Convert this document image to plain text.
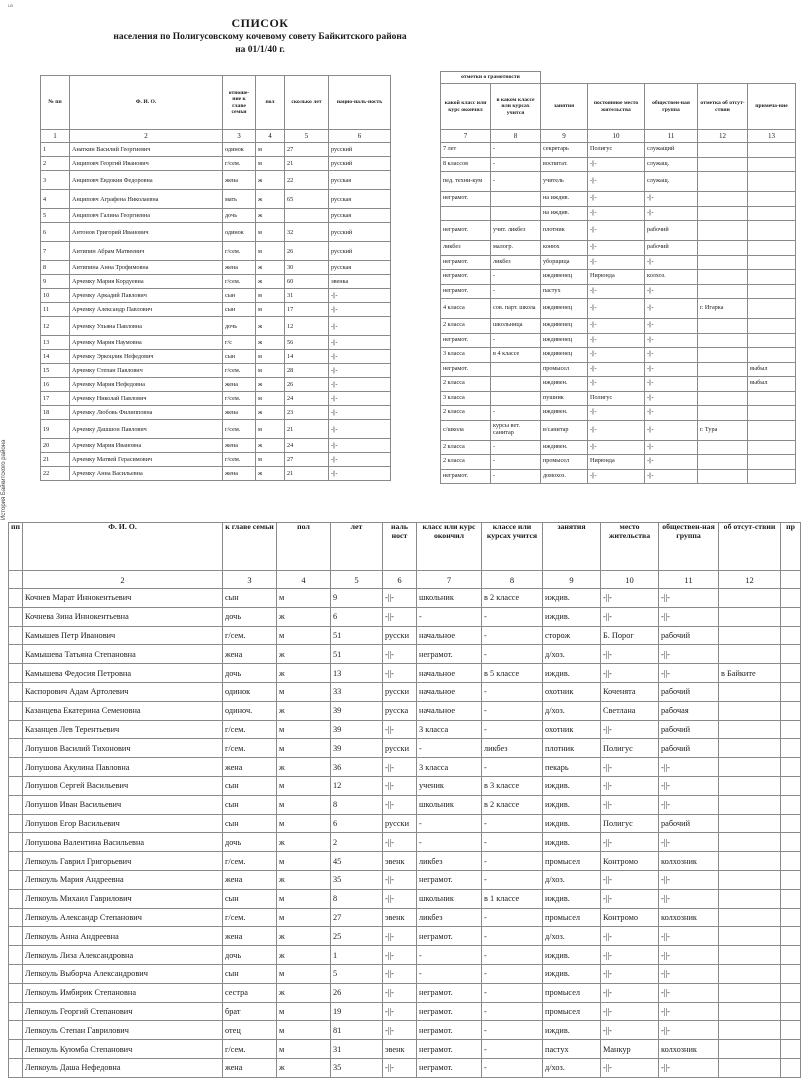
LB
СПИСОК
населения по Полигусовскому кочевому совету Байкитского района
на 01/1/40 г.
История Байкитского района
№ пп	Ф. И. О.	отноше-ние к главе семьи	пол	сколько лет	нацио-наль-ность
1	2	3	4	5	6
1	Анаткин Василий Георгиевич	одинок	м	27	русский
2	Анциповч Георгий Иванович	г/сем.	м	21	русский
3	Анциповч Евдокия Федоровна	жена	ж	22	русская
4	Анциповч Аграфена Николаевна	мать	ж	65	русская
5	Анциповч Галина Георгиевна	дочь	ж		русская
6	Антонов Григорий Иванович	одинок	м	32	русский
7	Антипин Абрам Матвеевич	г/сем.	м	26	русский
8	Антипина Анна Трофимовна	жена	ж	30	русская
9	Арчемку Мария Кордуевна	г/сем.	ж	60	эвенка
10	Арчемку Аркадий Павлович	сын	м	31	-||-
11	Арчемку Александр Павлович	сын	м	17	-||-
12	Арчемку Ульяна Павловна	дочь	ж	12	-||-
13	Арчемку Мария Наумовна	г/с	ж	56	-||-
14	Арчемку Эркоцлик Нефедович	сын	м	14	-||-
15	Арчемку Степан Павлович	г/сем.	м	28	-||-
16	Арчемку Мария Нефедовна	жена	ж	26	-||-
17	Арчемку Николай Павлович	г/сем.	м	24	-||-
18	Арчемку Любовь Филипповна	жена	ж	23	-||-
19	Арчемку Дашшон Павлович	г/сем.	м	21	-||-
20	Арчемку Мария Ивановна	жена	ж	24	-||-
21	Арчемку Матвей Герасимович	г/сем.	м	27	-||-
22	Арчемку Анна Васильевна	жена	ж	21	-||-
отметки о грамотности						
какой класс или курс окончил	в каком классе или курсах учится	занятия	постоянное место жительства	обществен-ная группа	отметка об отсут-ствии	примеча-ние
7	8	9	10	11	12	13
7 лет	-	секретарь	Полигус	служащий		
8 классов	-	воспитат.	-||-	служащ.		
пед. техни-кум	-	учитель	-||-	служащ.		
неграмот.		на иждив.	-||-	-||-		
		на иждив.	-||-	-||-		
неграмот.	учит. ликбез	плотник	-||-	рабочий		
ликбез	малогр.	конюх	-||-	рабочий		
неграмот.	ликбез	уборщица	-||-	-||-		
неграмот.	-	иждивенец	Нирюнда	колхоз.		
неграмот.	-	пастух	-||-	-||-		
4 класса	сов. парт. школа	иждивенец	-||-	-||-	г. Игарка	
2 класса	шкoльница	иждивенец	-||-	-||-		
неграмот.	-	иждивенец	-||-	-||-		
3 класса	в 4 классе	иждивенец	-||-	-||-		
неграмот.		промысел	-||-	-||-		выбыл
2 класса		иждивен.	-||-	-||-		выбыл
3 класса		пушник	Полигус	-||-		
2 класса	-	иждивен.	-||-	-||-		
с/школа	курсы вет. санитар	в/санитар	-||-	-||-	г. Тура	
2 класса	-	иждивен.	-||-	-||-		
2 класса	-	промысел	Нирюнда	-||-		
неграмот.	-	домохоз.	-||-	-||-		
пп	Ф. И. О.	к главе семьи	пол	лет	наль ност	класс или курс окончил	классе или курсах учится	занятия	место жительства	обществен-ная группа	об отсут-ствии	пр
	2	3	4	5	6	7	8	9	10	11	12	
	Кочнев Марат Иннокентьевич	сын	м	9	-||-	школьник	в 2 классе	иждив.	-||-	-||-		
	Кочнева Зина Иннокентьевна	дочь	ж	6	-||-	-	-	иждив.	-||-	-||-		
	Камышев Петр Иванович	г/сем.	м	51	русски	начальное	-	сторож	Б. Порог	рабочий		
	Камышева Татьяна Степановна	жена	ж	51	-||-	неграмот.	-	д/хоз.	-||-	-||-		
	Камышева Федосия Петровна	дочь	ж	13	-||-	начальное	в 5 классе	иждив.	-||-	-||-	в Байките	
	Каспорович Адам Артолевич	одинок	м	33	русски	начальное	-	охотник	Коченята	рабочий		
	Казанцева Екатерина Семеновна	одиноч.	ж	39	русска	начальное	-	д/хоз.	Светлана	рабочая		
	Казанцев Лев Терентьевич	г/сем.	м	39	-||-	3 класса	-	охотник	-||-	рабочий		
	Лопушов Василий Тихонович	г/сем.	м	39	русски	-	ликбез	плотник	Полигус	рабочий		
	Лопушова Акулина Павловна	жена	ж	36	-||-	3 класса	-	пекарь	-||-	-||-		
	Лопушов Сергей Васильевич	сын	м	12	-||-	ученик	в 3 классе	иждив.	-||-	-||-		
	Лопушов Иван Васильевич	сын	м	8	-||-	школьник	в 2 классе	иждив.	-||-	-||-		
	Лопушов Егор Васильевич	сын	м	6	русски	-	-	иждив.	Полигус	рабочий		
	Лопушова Валентина Васильевна	дочь	ж	2	-||-	-	-	иждив.	-||-	-||-		
	Лепкоуль Гаврил Григорьевич	г/сем.	м	45	эвенк	ликбез	-	промысел	Контромо	колхозник		
	Лепкоуль Мария Андреевна	жена	ж	35	-||-	неграмот.	-	д/хоз.	-||-	-||-		
	Лепкоуль Михаил Гаврилович	сын	м	8	-||-	школьник	в 1 классе	иждив.	-||-	-||-		
	Лепкоуль Александр Степанович	г/сем.	м	27	эвенк	ликбез	-	промысел	Контромо	колхозник		
	Лепкоуль Анна Андреевна	жена	ж	25	-||-	неграмот.	-	д/хоз.	-||-	-||-		
	Лепкоуль Лиза Александровна	дочь	ж	1	-||-	-	-	иждив.	-||-	-||-		
	Лепкоуль Выборча Александрович	сын	м	5	-||-	-	-	иждив.	-||-	-||-		
	Лепкоуль Имбирик Степановна	сестра	ж	26	-||-	неграмот.	-	промысел	-||-	-||-		
	Лепкоуль Георгий Степанович	брат	м	19	-||-	неграмот.	-	промысел	-||-	-||-		
	Лепкоуль Степан Гаврилович	отец	м	81	-||-	неграмот.	-	иждив.	-||-	-||-		
	Лепкоуль Куюмба Степанович	г/сем.	м	31	эвенк	неграмот.	-	пастух	Манкур	колхозник		
	Лепкоуль Даша Нефедовна	жена	ж	35	-||-	неграмот.	-	д/хоз.	-||-	-||-		
